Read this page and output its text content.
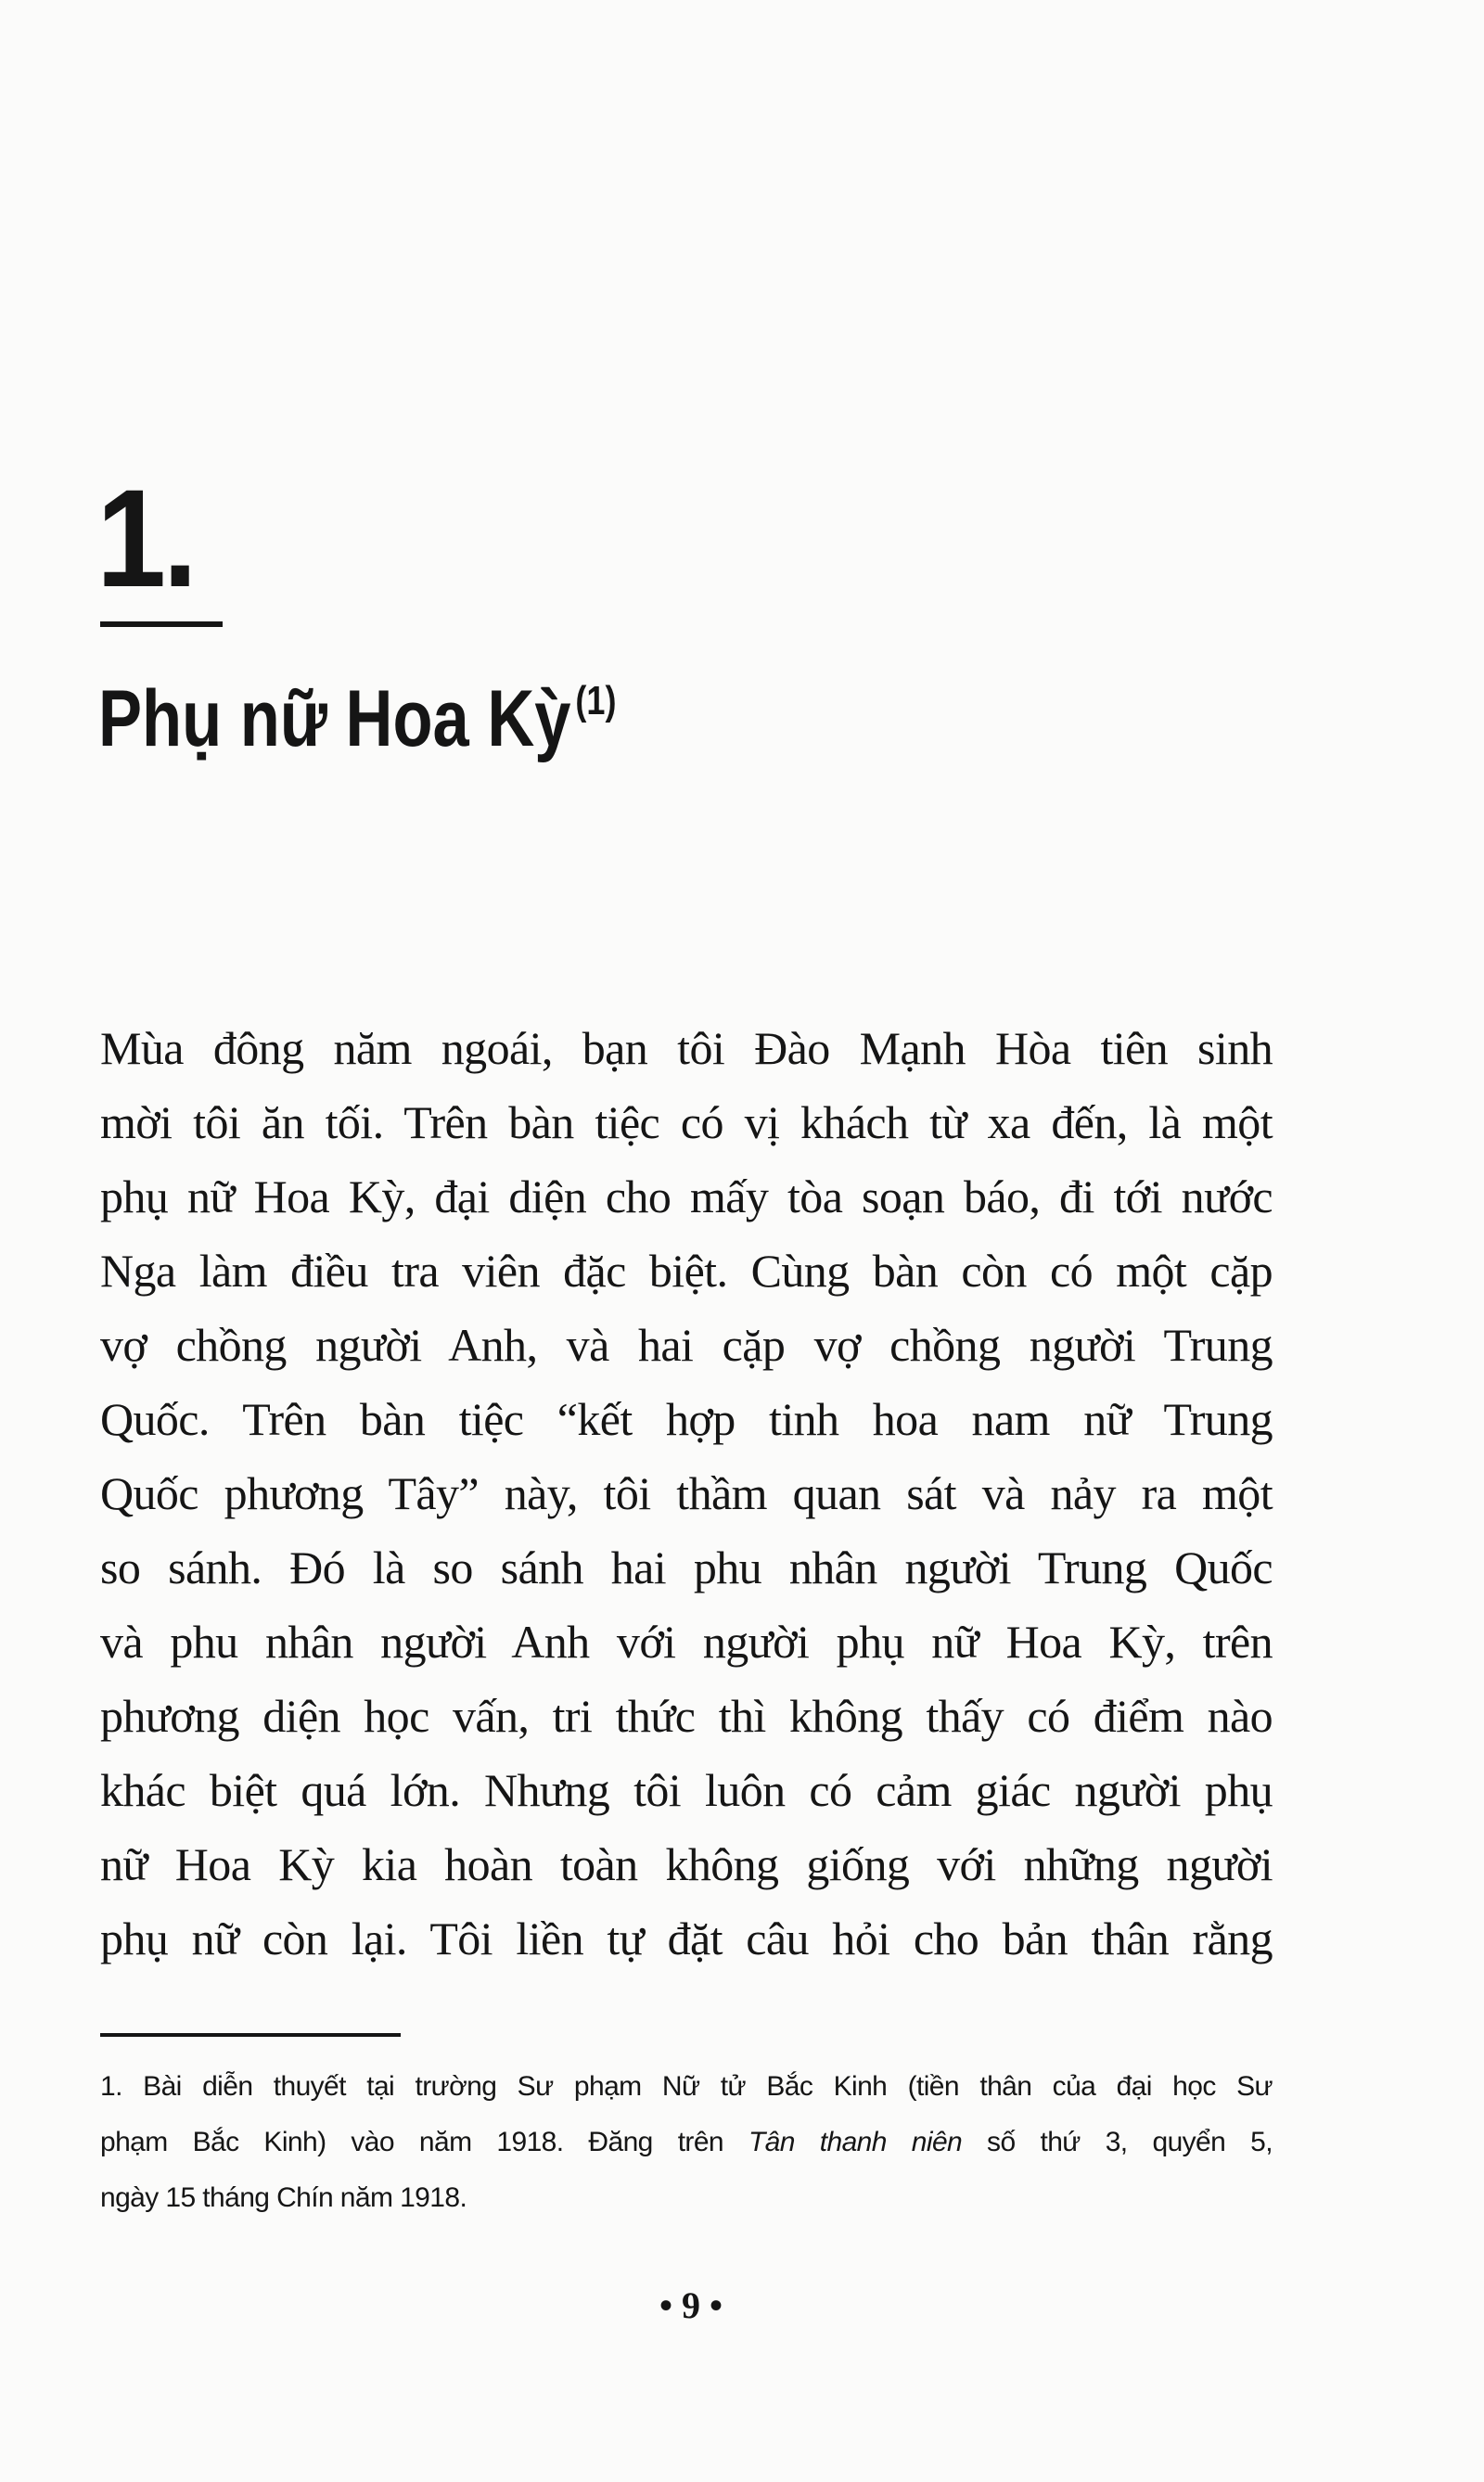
1.
Phụ nữ Hoa Kỳ $^{(1)}$
Mùa đông năm ngoái, bạn tôi Đào Mạnh Hòa tiên sinh
mời tôi ăn tối. Trên bàn tiệc có vị khách từ xa đến, là một
phụ nữ Hoa Kỳ, đại diện cho mấy tòa soạn báo, đi tới nước
Nga làm điều tra viên đặc biệt. Cùng bàn còn có một cặp
vợ chồng người Anh, và hai cặp vợ chồng người Trung
Quốc. Trên bàn tiệc “kết hợp tinh hoa nam nữ Trung
Quốc phương Tây” này, tôi thầm quan sát và nảy ra một
so sánh. Đó là so sánh hai phu nhân người Trung Quốc
và phu nhân người Anh với người phụ nữ Hoa Kỳ, trên
phương diện học vấn, tri thức thì không thấy có điểm nào
khác biệt quá lớn. Nhưng tôi luôn có cảm giác người phụ
nữ Hoa Kỳ kia hoàn toàn không giống với những người
phụ nữ còn lại. Tôi liền tự đặt câu hỏi cho bản thân rằng
1. Bài diễn thuyết tại trường Sư phạm Nữ tử Bắc Kinh (tiền thân của đại học Sư
phạm Bắc Kinh) vào năm 1918. Đăng trên Tân thanh niên số thứ 3, quyển 5,
ngày 15 tháng Chín năm 1918.
• 9 •
